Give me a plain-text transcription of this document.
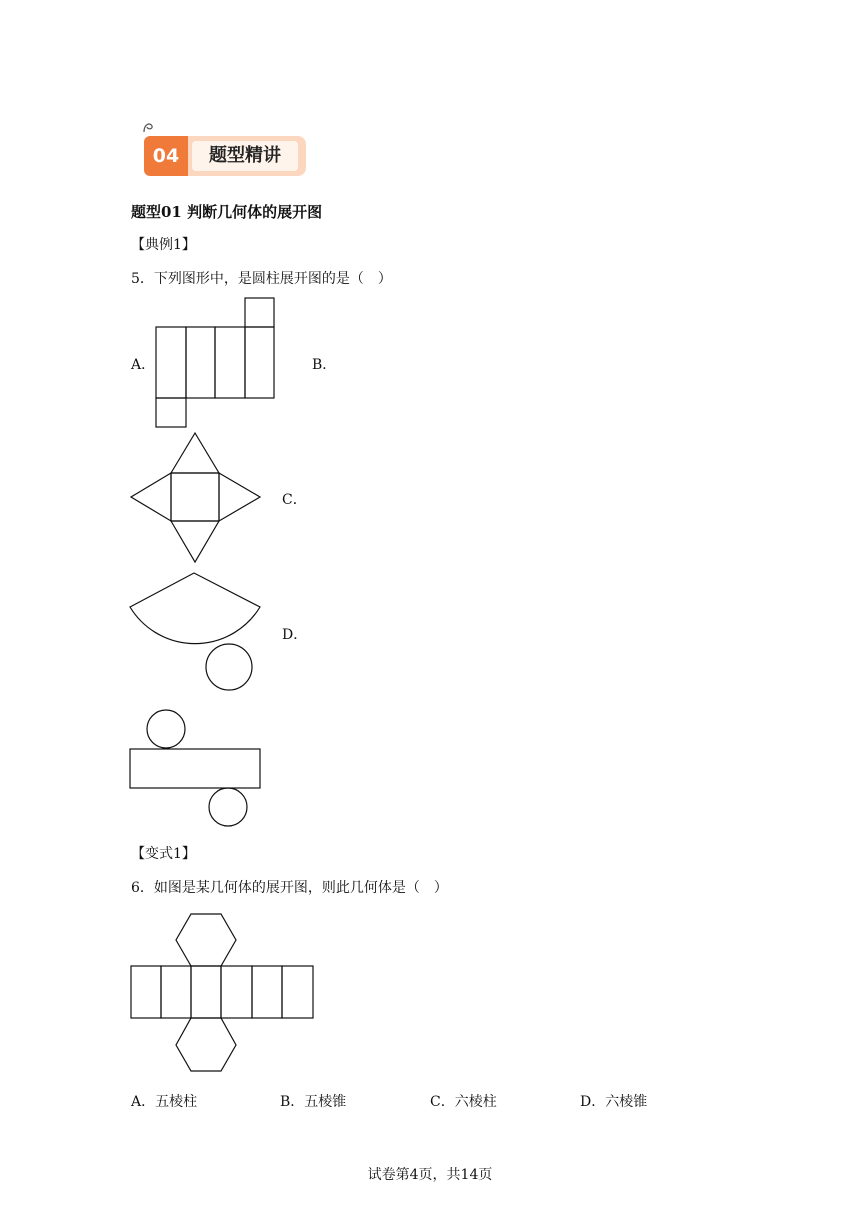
04	题型精讲
题型01 判断几何体的展开图
【典例1】
5．下列图形中，是圆柱展开图的是（　）
A．	B．
C．
D．
【变式1】
6．如图是某几何体的展开图，则此几何体是（　）
A．五棱柱	B．五棱锥	C．六棱柱	D．六棱锥
试卷第4页，共14页
